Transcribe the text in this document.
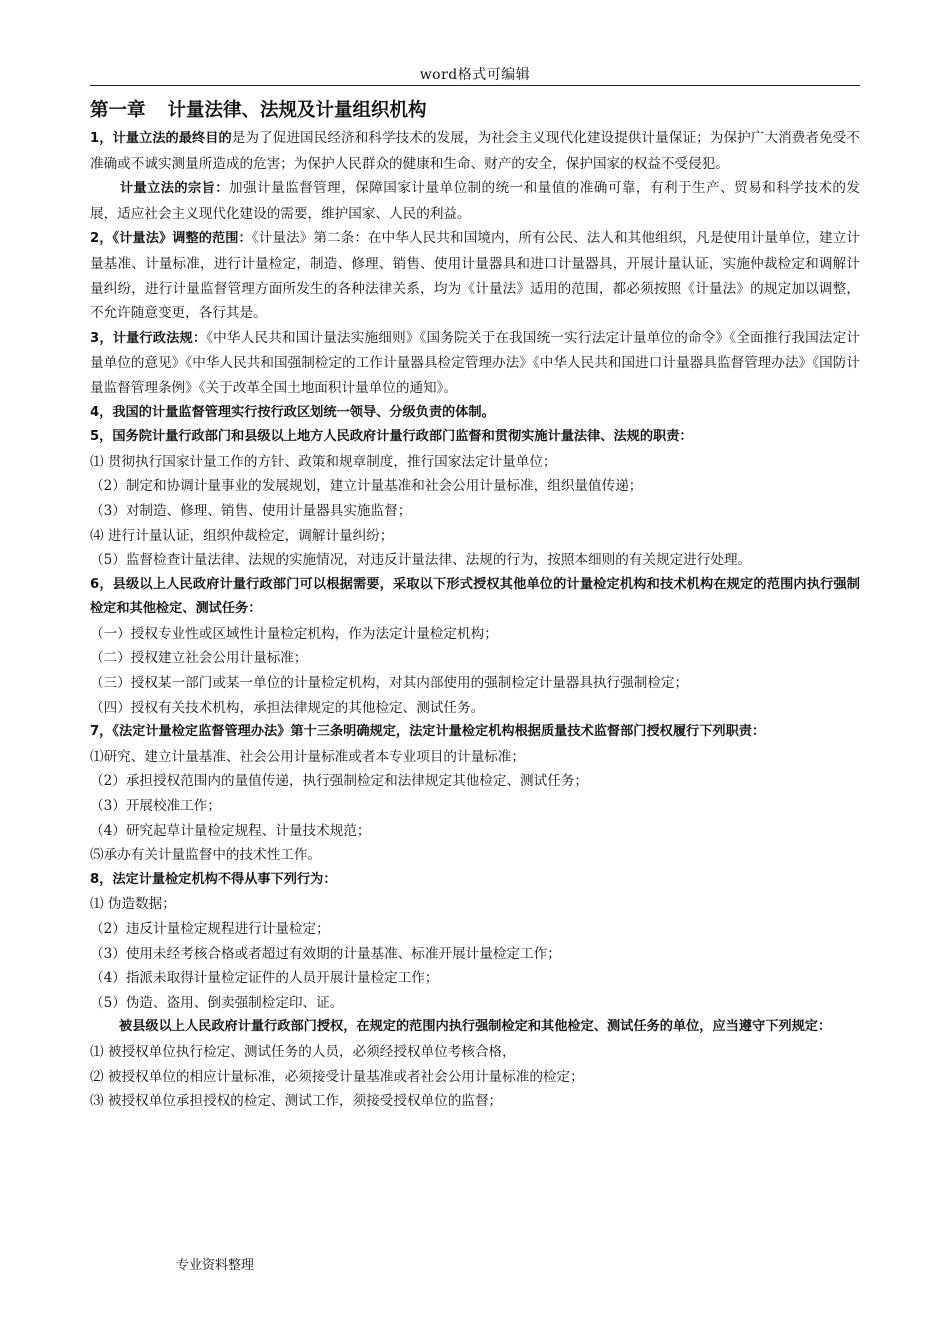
word格式可编辑
第一章 计量法律、法规及计量组织机构

1，计量立法的最终目的是为了促进国民经济和科学技术的发展，为社会主义现代化建设提供计量保证；为保护广大消费者免受不准确或不诚实测量所造成的危害；为保护人民群众的健康和生命、财产的安全，保护国家的权益不受侵犯。

计量立法的宗旨：加强计量监督管理，保障国家计量单位制的统一和量值的准确可靠，有利于生产、贸易和科学技术的发展，适应社会主义现代化建设的需要，维护国家、人民的利益。

2，《计量法》调整的范围：《计量法》第二条：在中华人民共和国境内，所有公民、法人和其他组织，凡是使用计量单位，建立计量基准、计量标准，进行计量检定，制造、修理、销售、使用计量器具和进口计量器具，开展计量认证，实施仲裁检定和调解计量纠纷，进行计量监督管理方面所发生的各种法律关系，均为《计量法》适用的范围，都必须按照《计量法》的规定加以调整，不允许随意变更，各行其是。

3，计量行政法规：《中华人民共和国计量法实施细则》《国务院关于在我国统一实行法定计量单位的命令》《全面推行我国法定计量单位的意见》《中华人民共和国强制检定的工作计量器具检定管理办法》《中华人民共和国进口计量器具监督管理办法》《国防计量监督管理条例》《关于改革全国土地面积计量单位的通知》。

4，我国的计量监督管理实行按行政区划统一领导、分级负责的体制。

5，国务院计量行政部门和县级以上地方人民政府计量行政部门监督和贯彻实施计量法律、法规的职责：

⑴ 贯彻执行国家计量工作的方针、政策和规章制度，推行国家法定计量单位；

（2）制定和协调计量事业的发展规划，建立计量基准和社会公用计量标准，组织量值传递；

（3）对制造、修理、销售、使用计量器具实施监督；

⑷ 进行计量认证，组织仲裁检定，调解计量纠纷；

（5）监督检查计量法律、法规的实施情况，对违反计量法律、法规的行为，按照本细则的有关规定进行处理。

6，县级以上人民政府计量行政部门可以根据需要，采取以下形式授权其他单位的计量检定机构和技术机构在规定的范围内执行强制检定和其他检定、测试任务：

（一）授权专业性或区域性计量检定机构，作为法定计量检定机构；

（二）授权建立社会公用计量标准；

（三）授权某一部门或某一单位的计量检定机构，对其内部使用的强制检定计量器具执行强制检定；

（四）授权有关技术机构，承担法律规定的其他检定、测试任务。

7，《法定计量检定监督管理办法》第十三条明确规定，法定计量检定机构根据质量技术监督部门授权履行下列职责：

⑴研究、建立计量基准、社会公用计量标准或者本专业项目的计量标准；

（2）承担授权范围内的量值传递，执行强制检定和法律规定其他检定、测试任务；

（3）开展校准工作；

（4）研究起草计量检定规程、计量技术规范；

⑸承办有关计量监督中的技术性工作。

8，法定计量检定机构不得从事下列行为：

⑴ 伪造数据；

（2）违反计量检定规程进行计量检定；

（3）使用未经考核合格或者超过有效期的计量基准、标准开展计量检定工作；

（4）指派未取得计量检定证件的人员开展计量检定工作；

（5）伪造、盗用、倒卖强制检定印、证。

被县级以上人民政府计量行政部门授权，在规定的范围内执行强制检定和其他检定、测试任务的单位，应当遵守下列规定：

⑴ 被授权单位执行检定、测试任务的人员，必须经授权单位考核合格，

⑵ 被授权单位的相应计量标准，必须接受计量基准或者社会公用计量标准的检定；

⑶ 被授权单位承担授权的检定、测试工作，须接受授权单位的监督；

专业资料整理
